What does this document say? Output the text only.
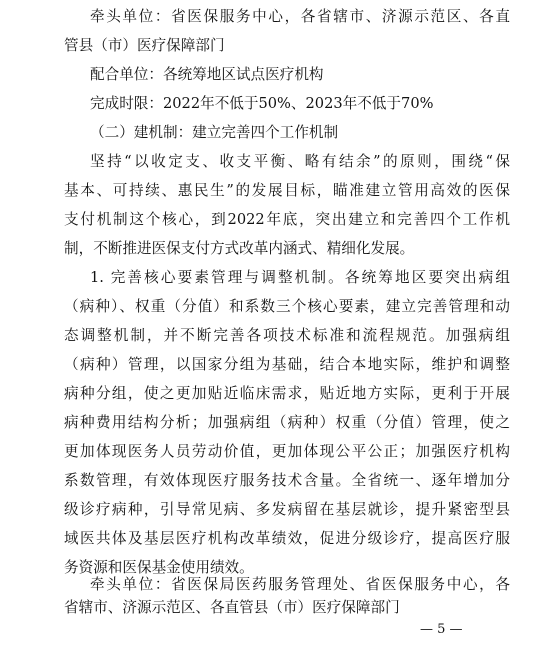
牵头单位：省医保服务中心，各省辖市、济源示范区、各直
管县（市）医疗保障部门
配合单位：各统筹地区试点医疗机构
完成时限：2022年不低于50%、2023年不低于70%
（二）建机制：建立完善四个工作机制
坚持“以收定支、收支平衡、略有结余”的原则，围绕“保
基本、可持续、惠民生”的发展目标，瞄准建立管用高效的医保
支付机制这个核心，到2022年底，突出建立和完善四个工作机
制，不断推进医保支付方式改革内涵式、精细化发展。
1. 完善核心要素管理与调整机制。各统筹地区要突出病组
（病种）、权重（分值）和系数三个核心要素，建立完善管理和动
态调整机制，并不断完善各项技术标准和流程规范。加强病组
（病种）管理，以国家分组为基础，结合本地实际，维护和调整
病种分组，使之更加贴近临床需求，贴近地方实际，更利于开展
病种费用结构分析；加强病组（病种）权重（分值）管理，使之
更加体现医务人员劳动价值，更加体现公平公正；加强医疗机构
系数管理，有效体现医疗服务技术含量。全省统一、逐年增加分
级诊疗病种，引导常见病、多发病留在基层就诊，提升紧密型县
域医共体及基层医疗机构改革绩效，促进分级诊疗，提高医疗服
务资源和医保基金使用绩效。
牵头单位：省医保局医药服务管理处、省医保服务中心，各
省辖市、济源示范区、各直管县（市）医疗保障部门
— 5 —
